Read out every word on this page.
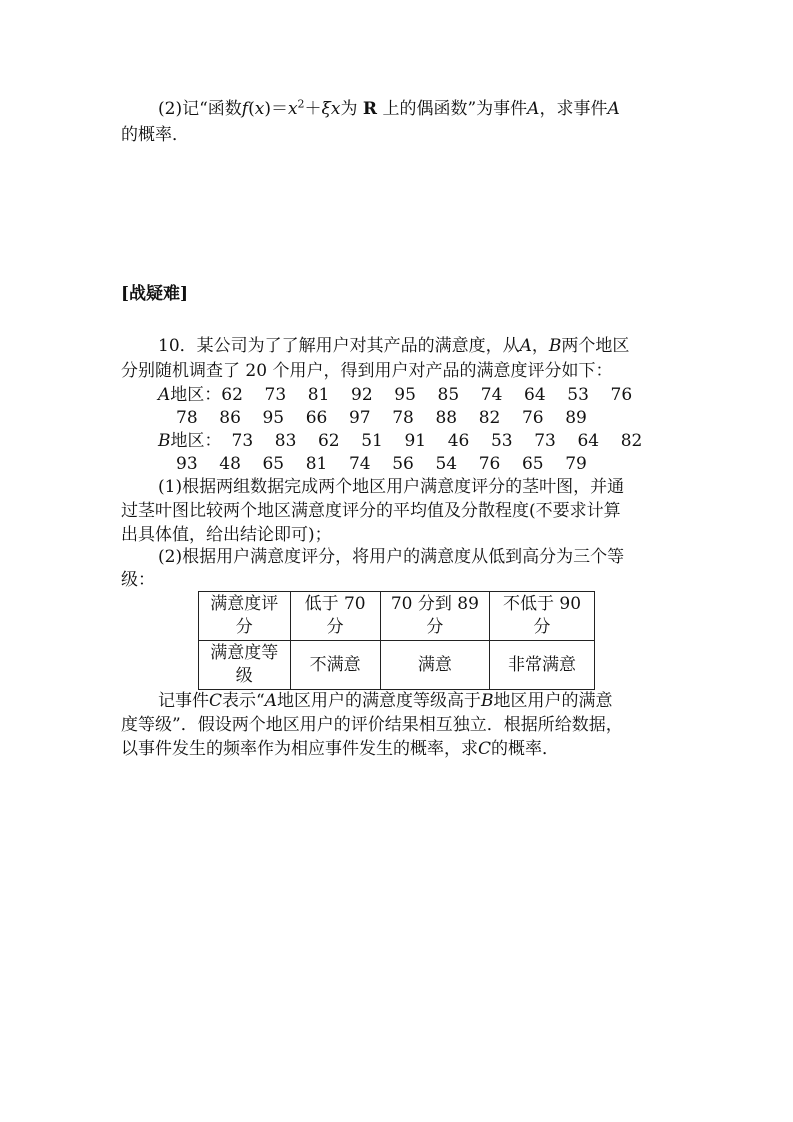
(2)记“函数$f(x)=x^2+\xi x$为 R 上的偶函数”为事件A，求事件A
的概率．
[战疑难]
10．某公司为了了解用户对其产品的满意度，从A，B两个地区
分别随机调查了 20 个用户，得到用户对产品的满意度评分如下：
A地区：62    73    81    92    95    85    74    64    53    76
78    86    95    66    97    78    88    82    76    89
B地区： 73    83    62    51    91    46    53    73    64    82
93    48    65    81    74    56    54    76    65    79
(1)根据两组数据完成两个地区用户满意度评分的茎叶图，并通
过茎叶图比较两个地区满意度评分的平均值及分散程度(不要求计算
出具体值，给出结论即可)；
(2)根据用户满意度评分，将用户的满意度从低到高分为三个等
级：
满意度评分	低于 70 分	70 分到 89 分	不低于 90 分
满意度等级	不满意	满意	非常满意
记事件C表示“A地区用户的满意度等级高于B地区用户的满意
度等级”．假设两个地区用户的评价结果相互独立．根据所给数据，
以事件发生的频率作为相应事件发生的概率，求C的概率．
